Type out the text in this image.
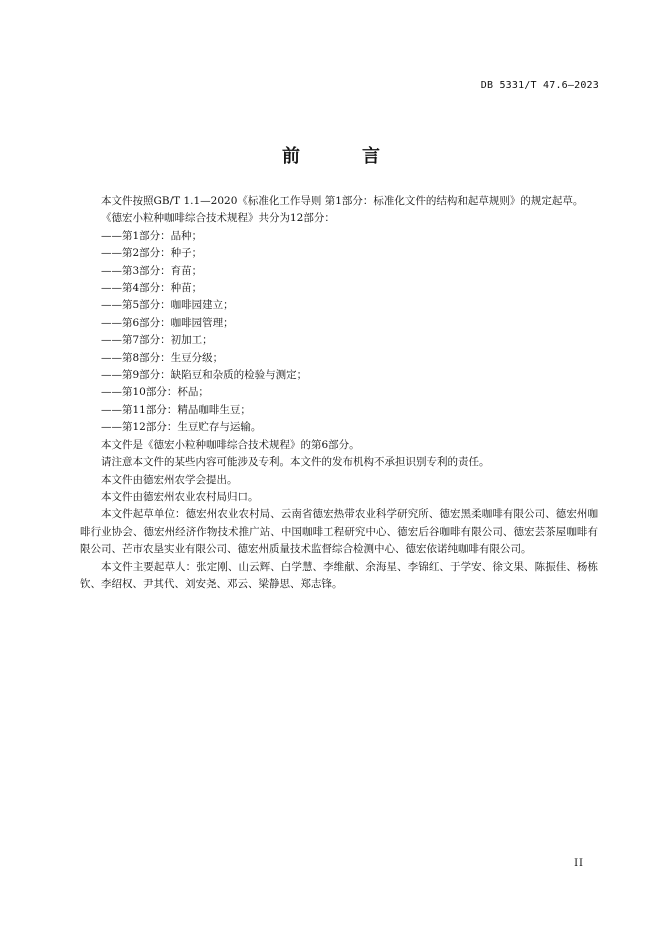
DB 5331/T 47.6—2023
前　言

本文件按照GB/T 1.1—2020《标准化工作导则 第1部分：标准化文件的结构和起草规则》的规定起草。

《德宏小粒种咖啡综合技术规程》共分为12部分：

——第1部分：品种；
——第2部分：种子；
——第3部分：育苗；
——第4部分：种苗；
——第5部分：咖啡园建立；
——第6部分：咖啡园管理；
——第7部分：初加工；
——第8部分：生豆分级；
——第9部分：缺陷豆和杂质的检验与测定；
——第10部分：杯品；
——第11部分：精品咖啡生豆；
——第12部分：生豆贮存与运输。

本文件是《德宏小粒种咖啡综合技术规程》的第6部分。

请注意本文件的某些内容可能涉及专利。本文件的发布机构不承担识别专利的责任。

本文件由德宏州农学会提出。

本文件由德宏州农业农村局归口。

本文件起草单位：德宏州农业农村局、云南省德宏热带农业科学研究所、德宏黑柔咖啡有限公司、德宏州咖啡行业协会、德宏州经济作物技术推广站、中国咖啡工程研究中心、德宏后谷咖啡有限公司、德宏芸茶屋咖啡有限公司、芒市农垦实业有限公司、德宏州质量技术监督综合检测中心、德宏依诺纯咖啡有限公司。

本文件主要起草人：张定刚、山云辉、白学慧、李维献、余海星、李锦红、于学安、徐文果、陈振佳、杨栋钦、李绍权、尹其代、刘安尧、邓云、梁静思、郑志锋。

II
